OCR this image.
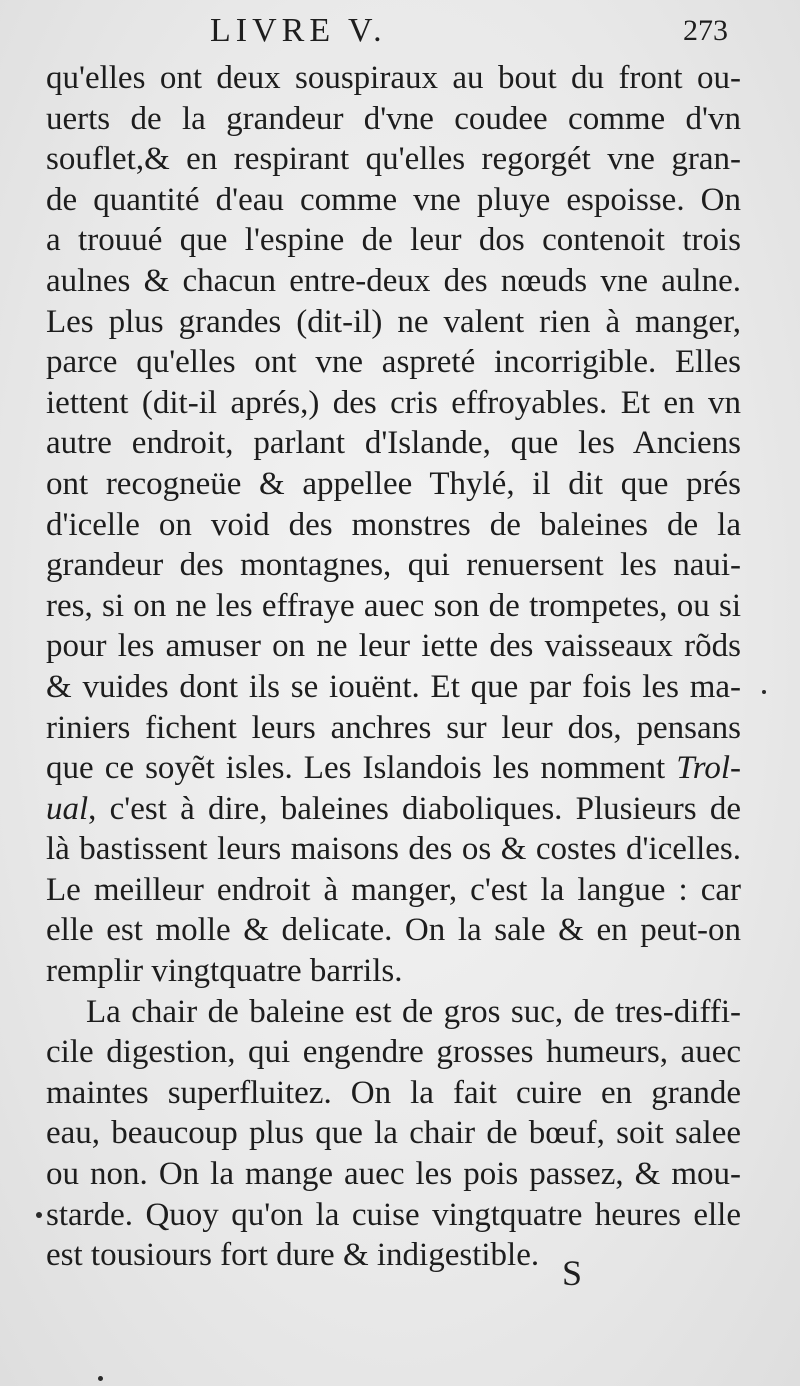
LIVRE V.	273
qu'elles ont deux souspiraux au bout du front ou-
uerts de la grandeur d'vne coudee comme d'vn
souflet,& en respirant qu'elles regorgét vne gran-
de quantité d'eau comme vne pluye espoisse. On
a trouué que l'espine de leur dos contenoit trois
aulnes & chacun entre-deux des nœuds vne aulne.
Les plus grandes (dit-il) ne valent rien à manger,
parce qu'elles ont vne aspreté incorrigible. Elles
iettent (dit-il aprés,) des cris effroyables. Et en vn
autre endroit, parlant d'Islande, que les Anciens
ont recogneüe & appellee Thylé, il dit que prés
d'icelle on void des monstres de baleines de la
grandeur des montagnes, qui renuersent les naui-
res, si on ne les effraye auec son de trompetes, ou si
pour les amuser on ne leur iette des vaisseaux rõds
& vuides dont ils se iouënt. Et que par fois les ma-
riniers fichent leurs anchres sur leur dos, pensans
que ce soyẽt isles. Les Islandois les nomment Trol-
ual, c'est à dire, baleines diaboliques. Plusieurs de
là bastissent leurs maisons des os & costes d'icelles.
Le meilleur endroit à manger, c'est la langue : car
elle est molle & delicate. On la sale & en peut-on
remplir vingtquatre barrils.
La chair de baleine est de gros suc, de tres-diffi-
cile digestion, qui engendre grosses humeurs, auec
maintes superfluitez. On la fait cuire en grande
eau, beaucoup plus que la chair de bœuf, soit salee
ou non. On la mange auec les pois passez, & mou-
starde. Quoy qu'on la cuise vingtquatre heures elle
est tousiours fort dure & indigestible. S
